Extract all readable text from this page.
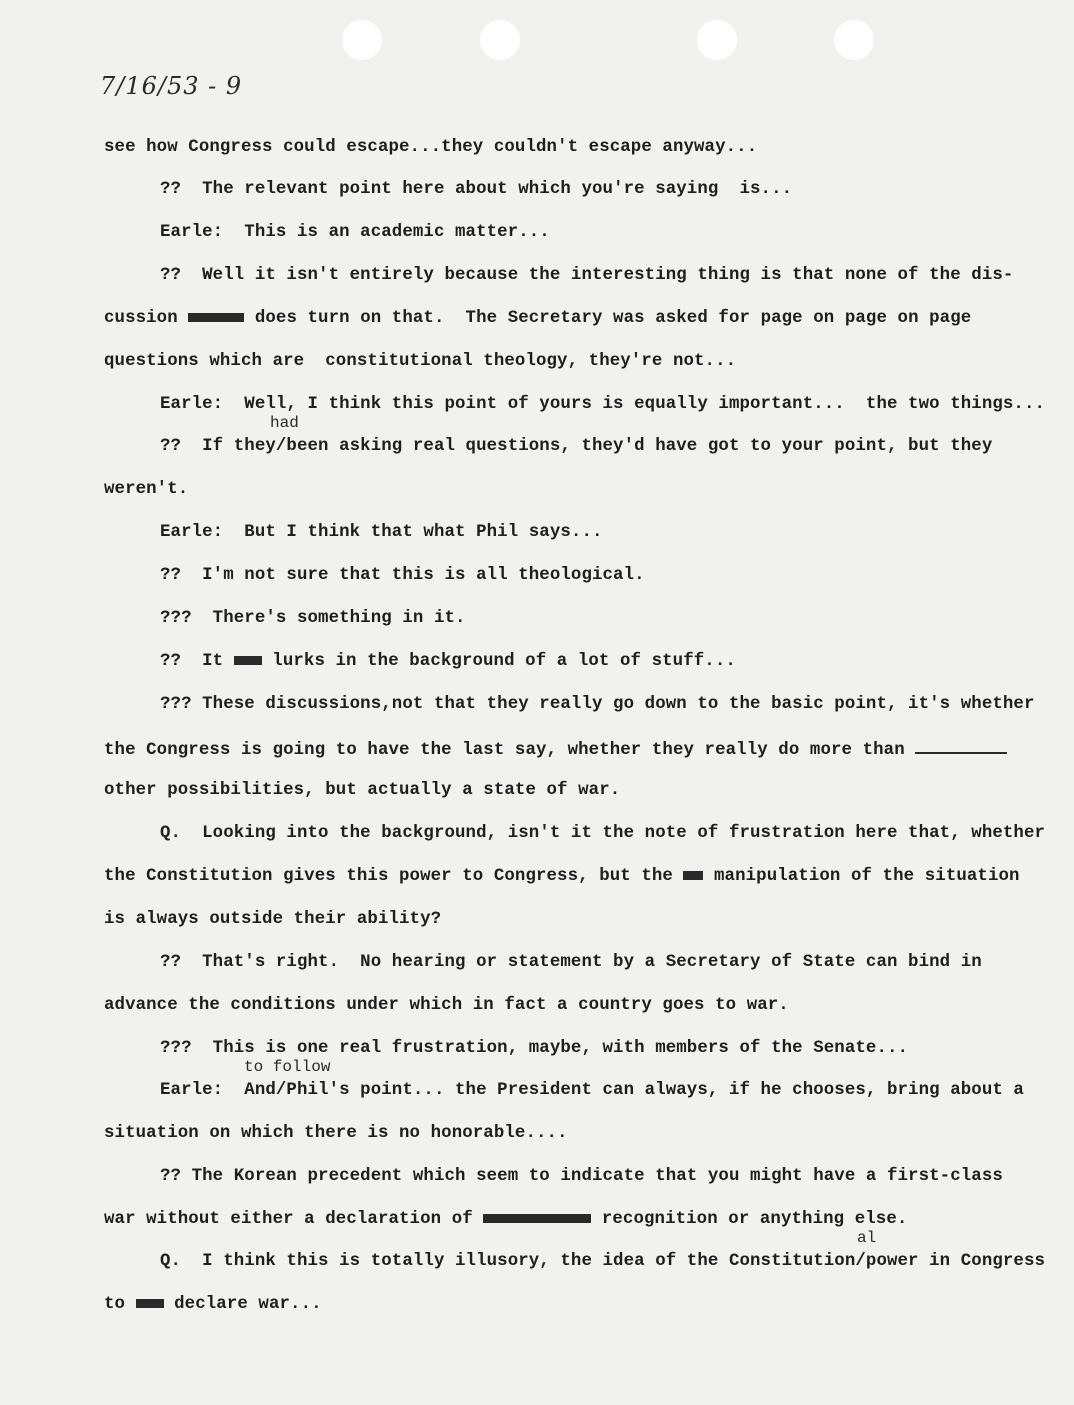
7/16/53 - 9
see how Congress could escape...they couldn't escape anyway...
??  The relevant point here about which you're saying  is...
Earle:  This is an academic matter...
??  Well it isn't entirely because the interesting thing is that none of the dis-
cussion	does turn on that.  The Secretary was asked for page on page on page
questions which are  constitutional theology, they're not...
Earle:  Well, I think this point of yours is equally important...  the two things...
had
??  If they/been asking real questions, they'd have got to your point, but they
weren't.
Earle:  But I think that what Phil says...
??  I'm not sure that this is all theological.
???  There's something in it.
??  It  lurks in the background of a lot of stuff...
??? These discussions,not that they really go down to the basic point, it's whether
the Congress is going to have the last say, whether they really do more than
other possibilities, but actually a state of war.
Q.  Looking into the background, isn't it the note of frustration here that, whether
the Constitution gives this power to Congress, but the  manipulation of the situation
is always outside their ability?
??  That's right.  No hearing or statement by a Secretary of State can bind in
advance the conditions under which in fact a country goes to war.
???  This is one real frustration, maybe, with members of the Senate...
to follow
Earle:  And/Phil's point... the President can always, if he chooses, bring about a
situation on which there is no honorable....
?? The Korean precedent which seem to indicate that you might have a first-class
war without either a declaration of	recognition or anything else.
al
Q.  I think this is totally illusory, the idea of the Constitution/power in Congress
to  declare war...
